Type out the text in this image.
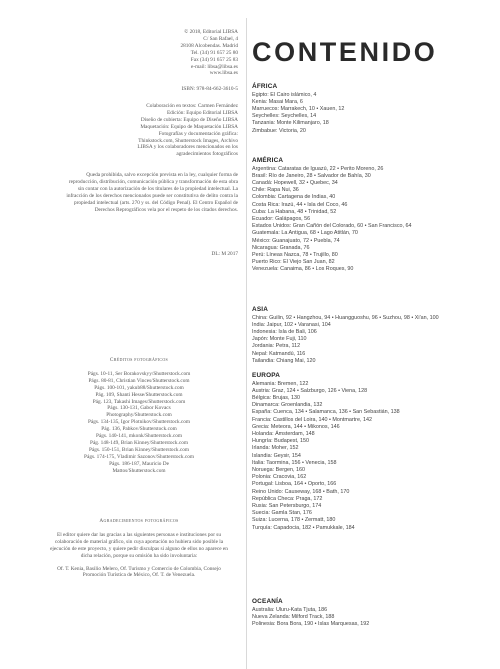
© 2018, Editorial LIBSA
C/ San Rafael, 4
28108 Alcobendas. Madrid
Tel. (34) 91 657 25 80
Fax (34) 91 657 25 83
e-mail: libsa@libsa.es
www.libsa.es
ISBN: 978-84-662-3610-5
Colaboración en textos: Carmen Fernández
Edición: Equipo Editorial LIBSA
Diseño de cubierta: Equipo de Diseño LIBSA
Maquetación: Equipo de Maquetación LIBSA
Fotografías y documentación gráfica:
Thinkstock.com, Shutterstock Images, Archivo
LIBSA y los colaboradores mencionados en los
agradecimientos fotográficos
Queda prohibida, salvo excepción prevista en la ley, cualquier forma de reproducción, distribución, comunicación pública y transformación de esta obra sin contar con la autorización de los titulares de la propiedad intelectual. La infracción de los derechos mencionados puede ser constitutiva de delito contra la propiedad intelectual (arts. 270 y ss. del Código Penal). El Centro Español de Derechos Reprográficos vela por el respeto de los citados derechos.
DL: M 2017
Créditos fotográficos
Págs. 10-11, Ser Borakovskyy/Shutterstock.com
Págs. 80-81, Christian Vinces/Shutterstock.com
Págs. 100-101, yakub88/Shutterstock.com
Pág. 109, Shanti Hesse/Shutterstock.com
Pág. 123, Takashi Images/Shutterstock.com
Págs. 130-131, Gabor Kovacs
Photography/Shutterstock.com
Págs. 134-135, Igor Plotnikov/Shutterstock.com
Pág. 136, Pabkov/Shutterstock.com
Págs. 140-141, mkonk/Shutterstock.com
Pág. 148-149, Brian Kinney/Shutterstock.com
Págs. 150-151, Brian Kinney/Shutterstock.com
Págs. 174-175, Vladimir Sazonov/Shutterstock.com
Págs. 186-187, Mauricio De
Mattos/Shutterstock.com
Agradecimientos fotográficos
El editor quiere dar las gracias a las siguientes personas e instituciones por su colaboración de material gráfico, sin cuya aportación no hubiera sido posible la ejecución de este proyecto, y quiere pedir disculpas si alguno de ellos no aparece en dicha relación, porque su omisión ha sido involuntaria:
Of. T. Kenia, Basilio Melero, Of. Turismo y Comercio de Colombia, Consejo Promoción Turística de México, Of. T. de Venezuela.
CONTENIDO
ÁFRICA
Egipto: El Cairo islámico, 4
Kenia: Masai Mara, 6
Marruecos: Marrakech, 10 • Xauen, 12
Seychelles: Seychelles, 14
Tanzania: Monte Kilimanjaro, 18
Zimbabue: Victoria, 20
AMÉRICA
Argentina: Cataratas de Iguazú, 22 • Perito Moreno, 26
Brasil: Río de Janeiro, 28 • Salvador de Bahía, 30
Canadá: Hopewell, 32 • Quebec, 34
Chile: Rapa Nui, 36
Colombia: Cartagena de Indias, 40
Costa Rica: Irazú, 44 • Isla del Coco, 46
Cuba: La Habana, 48 • Trinidad, 52
Ecuador: Galápagos, 56
Estados Unidos: Gran Cañón del Colorado, 60 • San Francisco, 64
Guatemala: La Antigua, 68 • Lago Atitlán, 70
México: Guanajuato, 72 • Puebla, 74
Nicaragua: Granada, 76
Perú: Líneas Nazca, 78 • Trujillo, 80
Puerto Rico: El Viejo San Juan, 82
Venezuela: Canaima, 86 • Los Roques, 90
ASIA
China: Guilin, 92 • Hangzhou, 94 • Huangguoshu, 96 • Suzhou, 98 • Xi'an, 100
India: Jaipur, 102 • Varanasi, 104
Indonesia: Isla de Bali, 106
Japón: Monte Fuji, 110
Jordania: Petra, 112
Nepal: Katmandú, 116
Tailandia: Chiang Mai, 120
EUROPA
Alemania: Bremen, 122
Austria: Graz, 124 • Salzburgo, 126 • Viena, 128
Bélgica: Brujas, 130
Dinamarca: Groenlandia, 132
España: Cuenca, 134 • Salamanca, 136 • San Sebastián, 138
Francia: Castillos del Loira, 140 • Montmartre, 142
Grecia: Meteora, 144 • Mikonos, 146
Holanda: Ámsterdam, 148
Hungría: Budapest, 150
Irlanda: Moher, 152
Islandia: Geysir, 154
Italia: Taormina, 156 • Venecia, 158
Noruega: Bergen, 160
Polonia: Cracovia, 162
Portugal: Lisboa, 164 • Oporto, 166
Reino Unido: Causeway, 168 • Bath, 170
República Checa: Praga, 172
Rusia: San Petersburgo, 174
Suecia: Gamla Stan, 176
Suiza: Lucerna, 178 • Zermatt, 180
Turquía: Capadocia, 182 • Pamukkale, 184
OCEANÍA
Australia: Uluru-Kata Tjuta, 186
Nueva Zelanda: Milford Track, 188
Polinesia: Bora Bora, 190 • Islas Marquesas, 192
